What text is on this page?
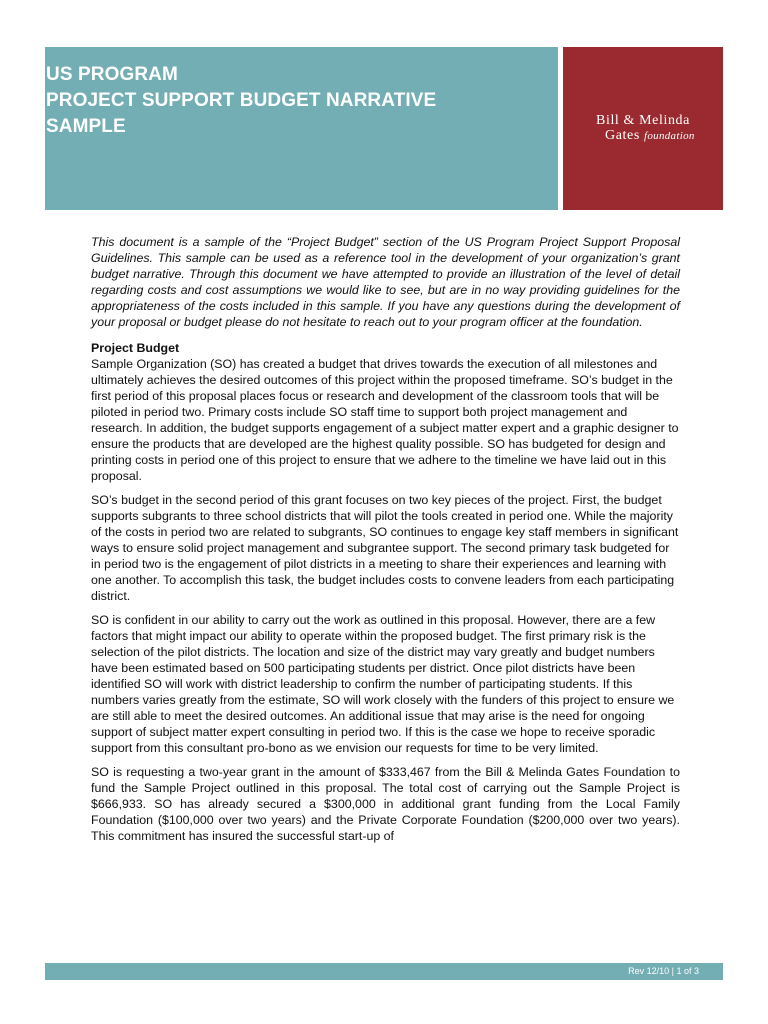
US PROGRAM
PROJECT SUPPORT BUDGET NARRATIVE
SAMPLE	Bill & Melinda
Gates foundation

This document is a sample of the “Project Budget” section of the US Program Project Support Proposal Guidelines. This sample can be used as a reference tool in the development of your organization’s grant budget narrative. Through this document we have attempted to provide an illustration of the level of detail regarding costs and cost assumptions we would like to see, but are in no way providing guidelines for the appropriateness of the costs included in this sample. If you have any questions during the development of your proposal or budget please do not hesitate to reach out to your program officer at the foundation.

Project Budget

Sample Organization (SO) has created a budget that drives towards the execution of all milestones and ultimately achieves the desired outcomes of this project within the proposed timeframe. SO’s budget in the first period of this proposal places focus or research and development of the classroom tools that will be piloted in period two. Primary costs include SO staff time to support both project management and research. In addition, the budget supports engagement of a subject matter expert and a graphic designer to ensure the products that are developed are the highest quality possible. SO has budgeted for design and printing costs in period one of this project to ensure that we adhere to the timeline we have laid out in this proposal.

SO’s budget in the second period of this grant focuses on two key pieces of the project. First, the budget supports subgrants to three school districts that will pilot the tools created in period one. While the majority of the costs in period two are related to subgrants, SO continues to engage key staff members in significant ways to ensure solid project management and subgrantee support. The second primary task budgeted for in period two is the engagement of pilot districts in a meeting to share their experiences and learning with one another. To accomplish this task, the budget includes costs to convene leaders from each participating district.

SO is confident in our ability to carry out the work as outlined in this proposal. However, there are a few factors that might impact our ability to operate within the proposed budget. The first primary risk is the selection of the pilot districts. The location and size of the district may vary greatly and budget numbers have been estimated based on 500 participating students per district. Once pilot districts have been identified SO will work with district leadership to confirm the number of participating students. If this numbers varies greatly from the estimate, SO will work closely with the funders of this project to ensure we are still able to meet the desired outcomes. An additional issue that may arise is the need for ongoing support of subject matter expert consulting in period two. If this is the case we hope to receive sporadic support from this consultant pro-bono as we envision our requests for time to be very limited.

SO is requesting a two-year grant in the amount of $333,467 from the Bill & Melinda Gates Foundation to fund the Sample Project outlined in this proposal. The total cost of carrying out the Sample Project is $666,933. SO has already secured a $300,000 in additional grant funding from the Local Family Foundation ($100,000 over two years) and the Private Corporate Foundation ($200,000 over two years). This commitment has insured the successful start-up of

Rev 12/10 | 1 of 3
